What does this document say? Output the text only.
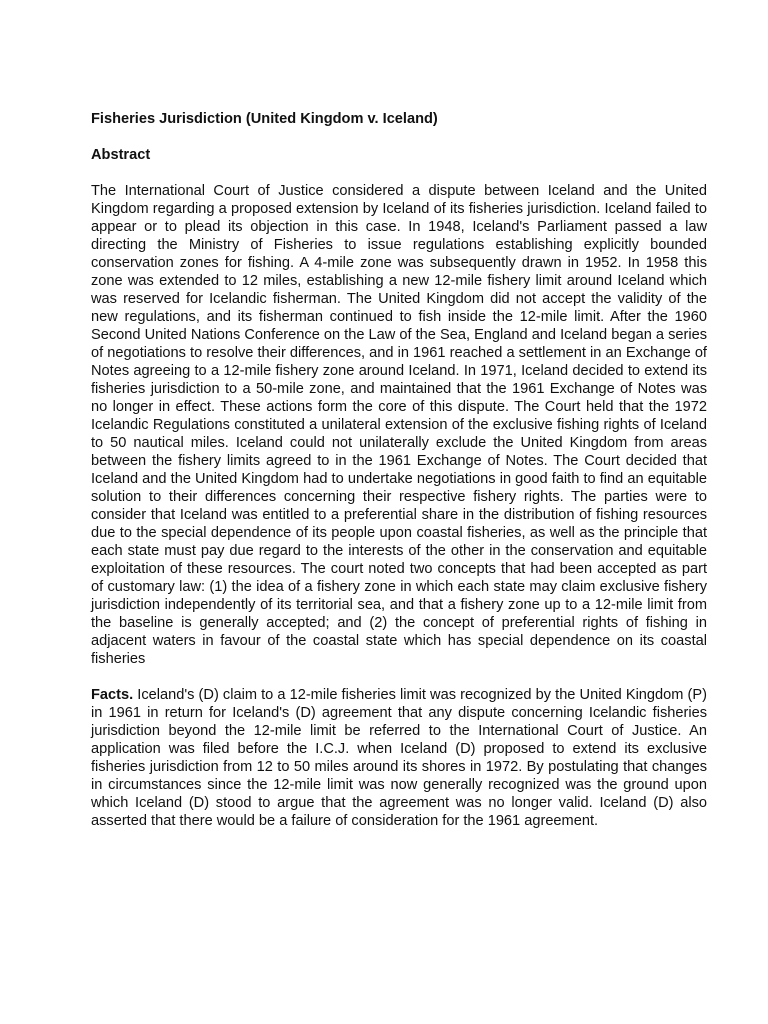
Fisheries Jurisdiction (United Kingdom v. Iceland)
Abstract

The International Court of Justice considered a dispute between Iceland and the United Kingdom regarding a proposed extension by Iceland of its fisheries jurisdiction. Iceland failed to appear or to plead its objection in this case. In 1948, Iceland's Parliament passed a law directing the Ministry of Fisheries to issue regulations establishing explicitly bounded conservation zones for fishing. A 4-mile zone was subsequently drawn in 1952. In 1958 this zone was extended to 12 miles, establishing a new 12-mile fishery limit around Iceland which was reserved for Icelandic fisherman. The United Kingdom did not accept the validity of the new regulations, and its fisherman continued to fish inside the 12-mile limit. After the 1960 Second United Nations Conference on the Law of the Sea, England and Iceland began a series of negotiations to resolve their differences, and in 1961 reached a settlement in an Exchange of Notes agreeing to a 12-mile fishery zone around Iceland. In 1971, Iceland decided to extend its fisheries jurisdiction to a 50-mile zone, and maintained that the 1961 Exchange of Notes was no longer in effect. These actions form the core of this dispute. The Court held that the 1972 Icelandic Regulations constituted a unilateral extension of the exclusive fishing rights of Iceland to 50 nautical miles. Iceland could not unilaterally exclude the United Kingdom from areas between the fishery limits agreed to in the 1961 Exchange of Notes. The Court decided that Iceland and the United Kingdom had to undertake negotiations in good faith to find an equitable solution to their differences concerning their respective fishery rights. The parties were to consider that Iceland was entitled to a preferential share in the distribution of fishing resources due to the special dependence of its people upon coastal fisheries, as well as the principle that each state must pay due regard to the interests of the other in the conservation and equitable exploitation of these resources. The court noted two concepts that had been accepted as part of customary law: (1) the idea of a fishery zone in which each state may claim exclusive fishery jurisdiction independently of its territorial sea, and that a fishery zone up to a 12-mile limit from the baseline is generally accepted; and (2) the concept of preferential rights of fishing in adjacent waters in favour of the coastal state which has special dependence on its coastal fisheries

Facts. Iceland's (D) claim to a 12-mile fisheries limit was recognized by the United Kingdom (P) in 1961 in return for Iceland's (D) agreement that any dispute concerning Icelandic fisheries jurisdiction beyond the 12-mile limit be referred to the International Court of Justice. An application was filed before the I.C.J. when Iceland (D) proposed to extend its exclusive fisheries jurisdiction from 12 to 50 miles around its shores in 1972. By postulating that changes in circumstances since the 12-mile limit was now generally recognized was the ground upon which Iceland (D) stood to argue that the agreement was no longer valid. Iceland (D) also asserted that there would be a failure of consideration for the 1961 agreement.
